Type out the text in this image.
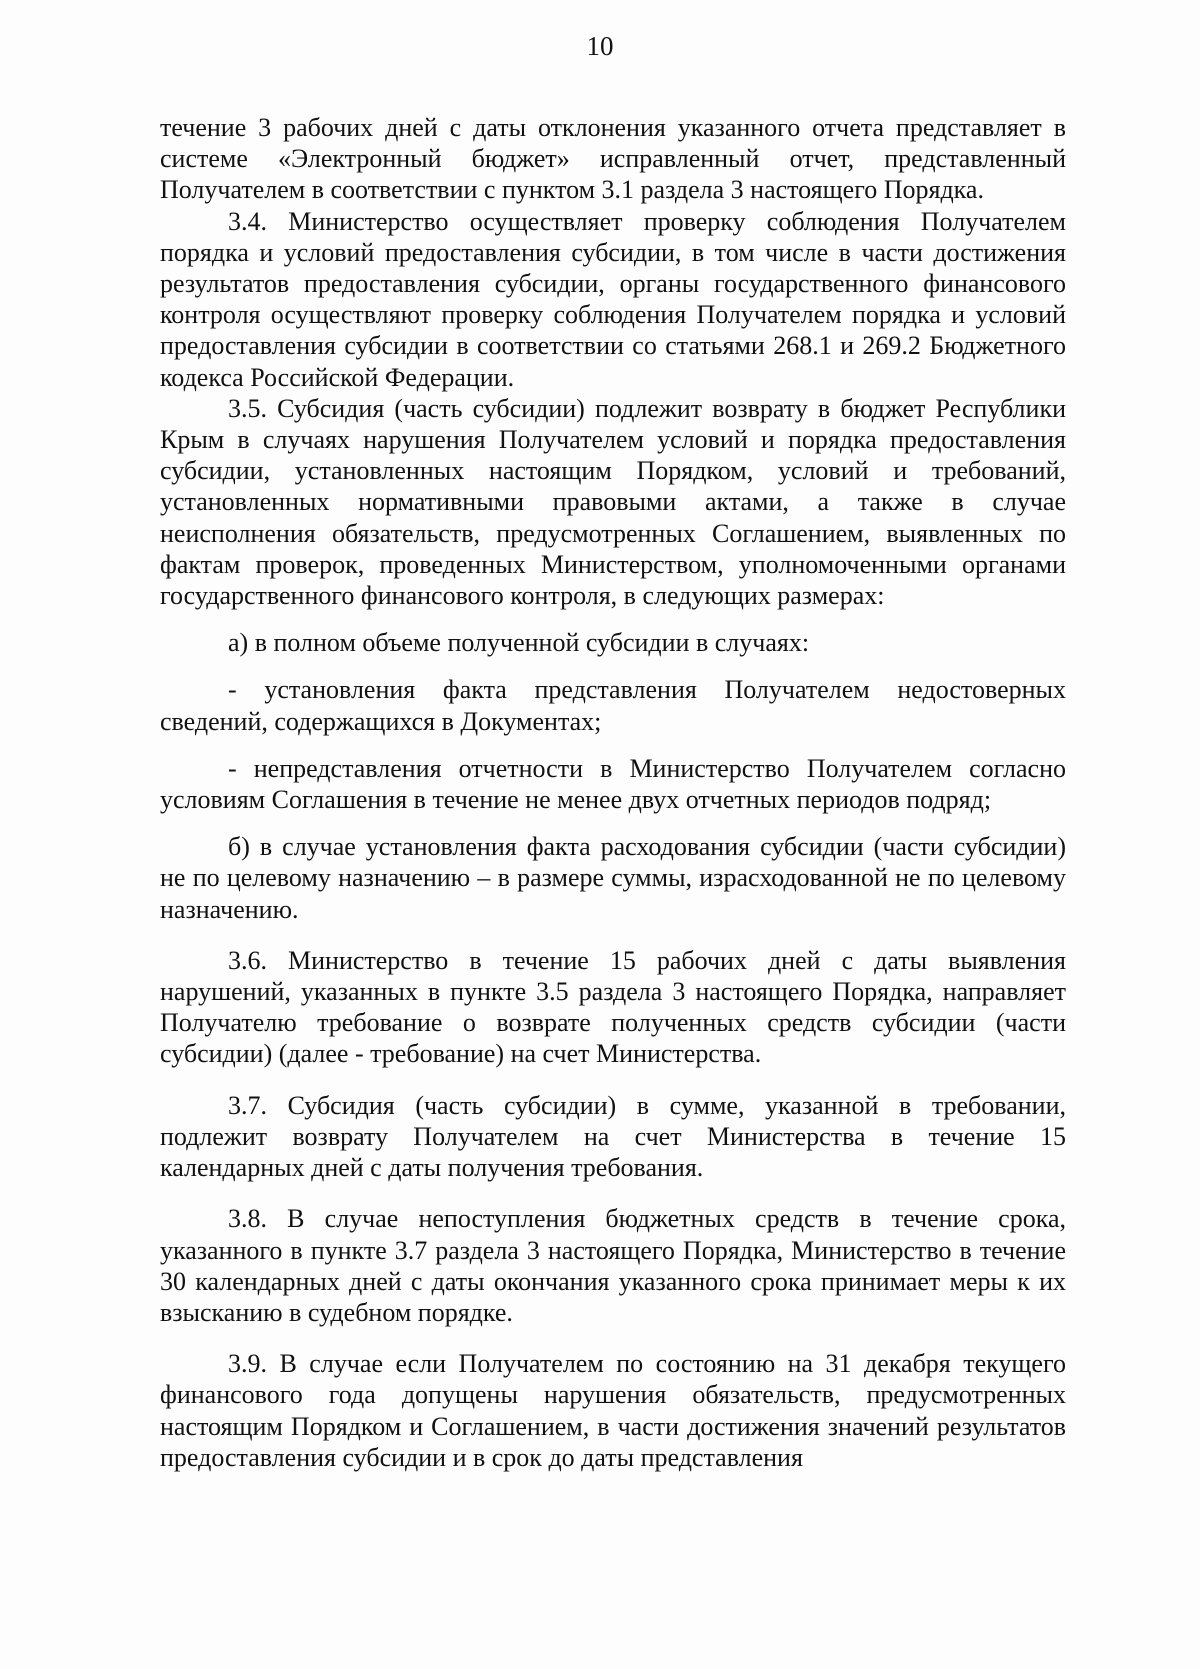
10

течение 3 рабочих дней с даты отклонения указанного отчета представляет в системе «Электронный бюджет» исправленный отчет, представленный Получателем в соответствии с пунктом 3.1 раздела 3 настоящего Порядка.

3.4. Министерство осуществляет проверку соблюдения Получателем порядка и условий предоставления субсидии, в том числе в части достижения результатов предоставления субсидии, органы государственного финансового контроля осуществляют проверку соблюдения Получателем порядка и условий предоставления субсидии в соответствии со статьями 268.1 и 269.2 Бюджетного кодекса Российской Федерации.

3.5. Субсидия (часть субсидии) подлежит возврату в бюджет Республики Крым в случаях нарушения Получателем условий и порядка предоставления субсидии, установленных настоящим Порядком, условий и требований, установленных нормативными правовыми актами, а также в случае неисполнения обязательств, предусмотренных Соглашением, выявленных по фактам проверок, проведенных Министерством, уполномоченными органами государственного финансового контроля, в следующих размерах:

а) в полном объеме полученной субсидии в случаях:

- установления факта представления Получателем недостоверных сведений, содержащихся в Документах;

- непредставления отчетности в Министерство Получателем согласно условиям Соглашения в течение не менее двух отчетных периодов подряд;

б) в случае установления факта расходования субсидии (части субсидии) не по целевому назначению – в размере суммы, израсходованной не по целевому назначению.

3.6. Министерство в течение 15 рабочих дней с даты выявления нарушений, указанных в пункте 3.5 раздела 3 настоящего Порядка, направляет Получателю требование о возврате полученных средств субсидии (части субсидии) (далее - требование) на счет Министерства.

3.7. Субсидия (часть субсидии) в сумме, указанной в требовании, подлежит возврату Получателем на счет Министерства в течение 15 календарных дней с даты получения требования.

3.8. В случае непоступления бюджетных средств в течение срока, указанного в пункте 3.7 раздела 3 настоящего Порядка, Министерство в течение 30 календарных дней с даты окончания указанного срока принимает меры к их взысканию в судебном порядке.

3.9. В случае если Получателем по состоянию на 31 декабря текущего финансового года допущены нарушения обязательств, предусмотренных настоящим Порядком и Соглашением, в части достижения значений результатов предоставления субсидии и в срок до даты представления
